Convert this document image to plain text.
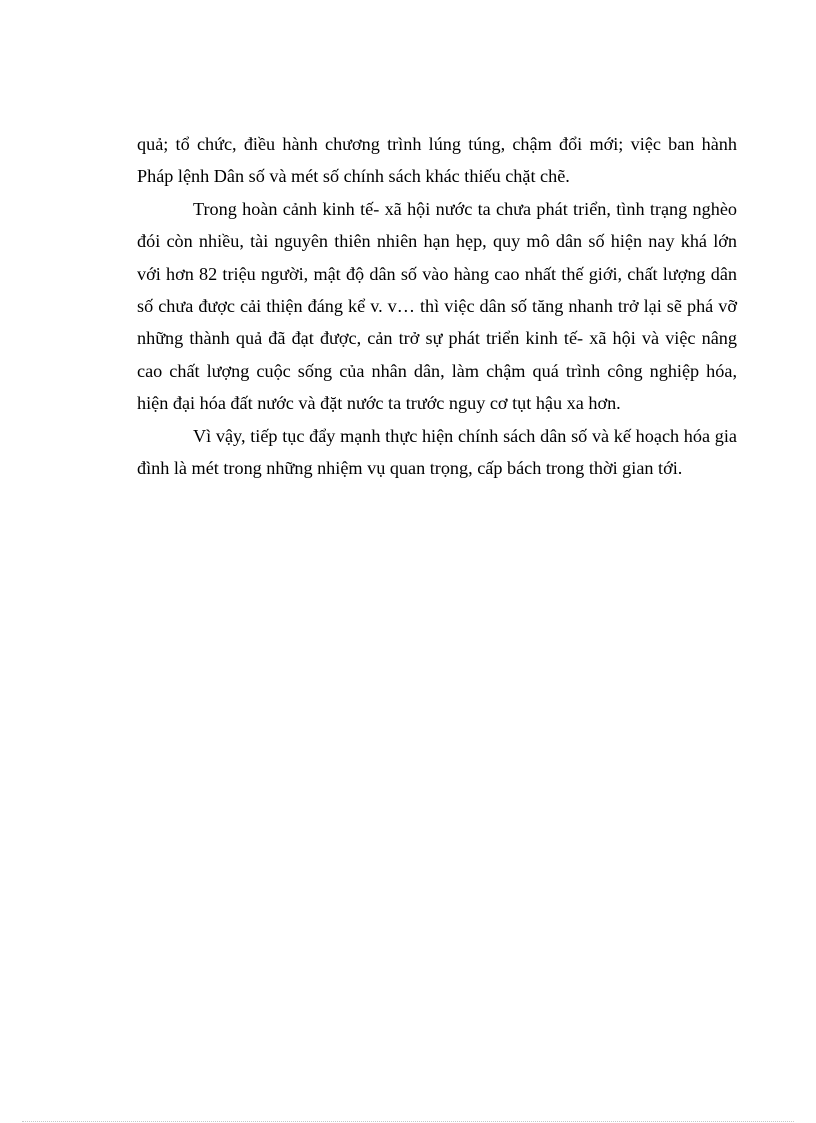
quả; tổ chức, điều hành chương trình lúng túng, chậm đổi mới; việc ban hành Pháp lệnh Dân số và mét số chính sách khác thiếu chặt chẽ.

Trong hoàn cảnh kinh tế- xã hội nước ta chưa phát triển, tình trạng nghèo đói còn nhiều, tài nguyên thiên nhiên hạn hẹp, quy mô dân số hiện nay khá lớn với hơn 82 triệu người, mật độ dân số vào hàng cao nhất thế giới, chất lượng dân số chưa được cải thiện đáng kể v. v… thì việc dân số tăng nhanh trở lại sẽ phá vỡ những thành quả đã đạt được, cản trở sự phát triển kinh tế- xã hội và việc nâng cao chất lượng cuộc sống của nhân dân, làm chậm quá trình công nghiệp hóa, hiện đại hóa đất nước và đặt nước ta trước nguy cơ tụt hậu xa hơn.

Vì vậy, tiếp tục đẩy mạnh thực hiện chính sách dân số và kế hoạch hóa gia đình là mét trong những nhiệm vụ quan trọng, cấp bách trong thời gian tới.
